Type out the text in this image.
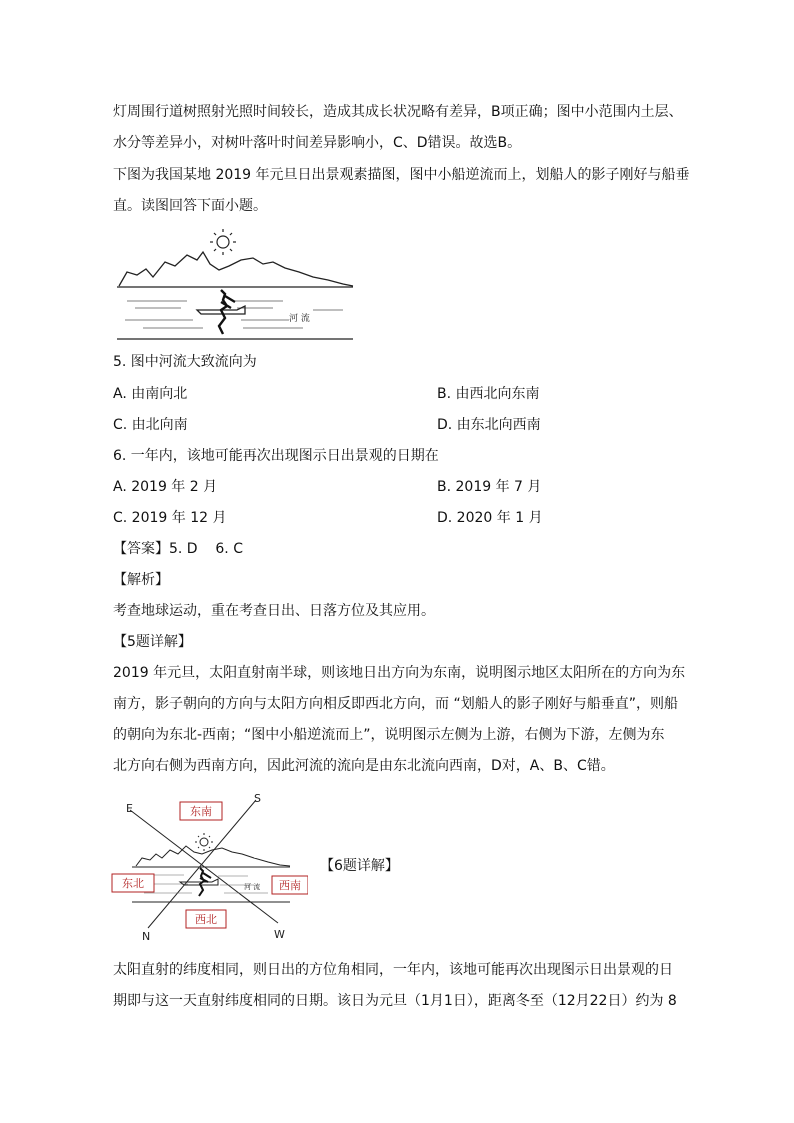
灯周围行道树照射光照时间较长，造成其成长状况略有差异，B项正确；图中小范围内土层、
水分等差异小，对树叶落叶时间差异影响小，C、D错误。故选B。
下图为我国某地 2019 年元旦日出景观素描图，图中小船逆流而上，划船人的影子刚好与船垂
直。读图回答下面小题。
河 流
5. 图中河流大致流向为
A. 由南向北	B. 由西北向东南
C. 由北向南	D. 由东北向西南
6. 一年内，该地可能再次出现图示日出景观的日期在
A. 2019 年 2 月	B. 2019 年 7 月
C. 2019 年 12 月	D. 2020 年 1 月
【答案】5. D    6. C
【解析】
考查地球运动，重在考查日出、日落方位及其应用。
【5题详解】
2019 年元旦，太阳直射南半球，则该地日出方向为东南，说明图示地区太阳所在的方向为东
南方，影子朝向的方向与太阳方向相反即西北方向，而 “划船人的影子刚好与船垂直”，则船
的朝向为东北-西南；“图中小船逆流而上”，说明图示左侧为上游，右侧为下游，左侧为东
北方向右侧为西南方向，因此河流的流向是由东北流向西南，D对，A、B、C错。
E
S
N	W
河 流
东南
东北	西南
西北
【6题详解】
太阳直射的纬度相同，则日出的方位角相同，一年内，该地可能再次出现图示日出景观的日
期即与这一天直射纬度相同的日期。该日为元旦（1月1日），距离冬至（12月22日）约为 8
